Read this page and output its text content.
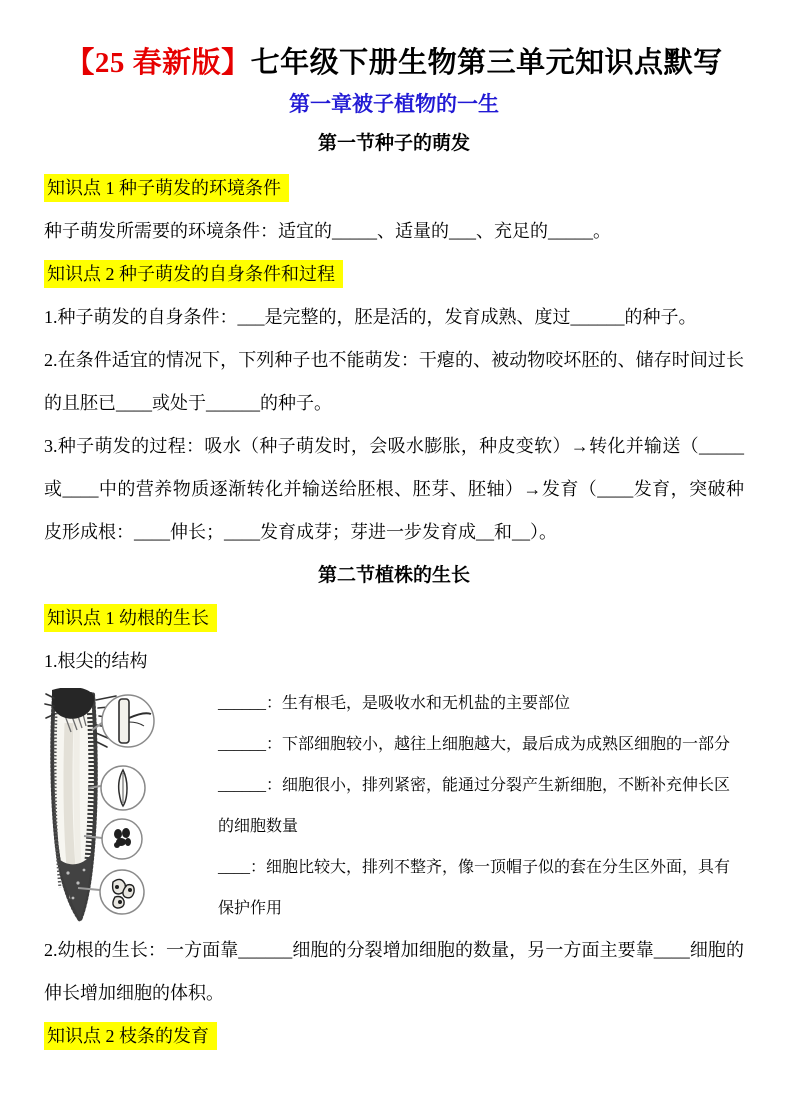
【25 春新版】七年级下册生物第三单元知识点默写
第一章被子植物的一生
第一节种子的萌发

知识点 1 种子萌发的环境条件

种子萌发所需要的环境条件：适宜的_____、适量的___、充足的_____。

知识点 2 种子萌发的自身条件和过程

1.种子萌发的自身条件：___是完整的，胚是活的，发育成熟、度过______的种子。

2.在条件适宜的情况下，下列种子也不能萌发：干瘪的、被动物咬坏胚的、储存时间过长的且胚已____或处于______的种子。

3.种子萌发的过程：吸水（种子萌发时，会吸水膨胀，种皮变软）→转化并输送（_____或____中的营养物质逐渐转化并输送给胚根、胚芽、胚轴）→发育（____发育，突破种皮形成根：____伸长；____发育成芽；芽进一步发育成__和__）。

第二节植株的生长

知识点 1 幼根的生长

1.根尖的结构

______：生有根毛，是吸收水和无机盐的主要部位

______：下部细胞较小，越往上细胞越大，最后成为成熟区细胞的一部分

______：细胞很小，排列紧密，能通过分裂产生新细胞，不断补充伸长区的细胞数量

____：细胞比较大，排列不整齐，像一顶帽子似的套在分生区外面，具有保护作用

2.幼根的生长：一方面靠______细胞的分裂增加细胞的数量，另一方面主要靠____细胞的伸长增加细胞的体积。

知识点 2 枝条的发育
